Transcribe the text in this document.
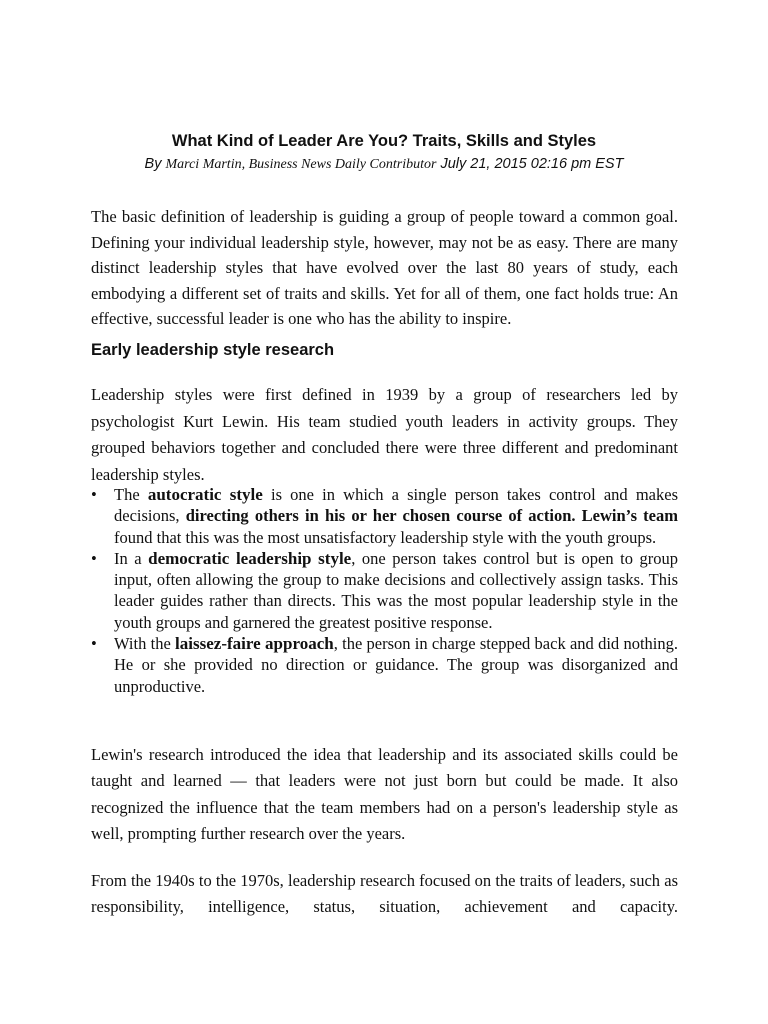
What Kind of Leader Are You? Traits, Skills and Styles
By Marci Martin, Business News Daily Contributor July 21, 2015 02:16 pm EST

The basic definition of leadership is guiding a group of people toward a common goal. Defining your individual leadership style, however, may not be as easy. There are many distinct leadership styles that have evolved over the last 80 years of study, each embodying a different set of traits and skills. Yet for all of them, one fact holds true: An effective, successful leader is one who has the ability to inspire.

Early leadership style research

Leadership styles were first defined in 1939 by a group of researchers led by psychologist Kurt Lewin. His team studied youth leaders in activity groups. They grouped behaviors together and concluded there were three different and predominant leadership styles.

• The autocratic style is one in which a single person takes control and makes decisions, directing others in his or her chosen course of action. Lewin’s team found that this was the most unsatisfactory leadership style with the youth groups.
• In a democratic leadership style, one person takes control but is open to group input, often allowing the group to make decisions and collectively assign tasks. This leader guides rather than directs. This was the most popular leadership style in the youth groups and garnered the greatest positive response.
• With the laissez-faire approach, the person in charge stepped back and did nothing. He or she provided no direction or guidance. The group was disorganized and unproductive.

Lewin's research introduced the idea that leadership and its associated skills could be taught and learned — that leaders were not just born but could be made. It also recognized the influence that the team members had on a person's leadership style as well, prompting further research over the years.

From the 1940s to the 1970s, leadership research focused on the traits of leaders, such as responsibility, intelligence, status, situation, achievement and capacity.
